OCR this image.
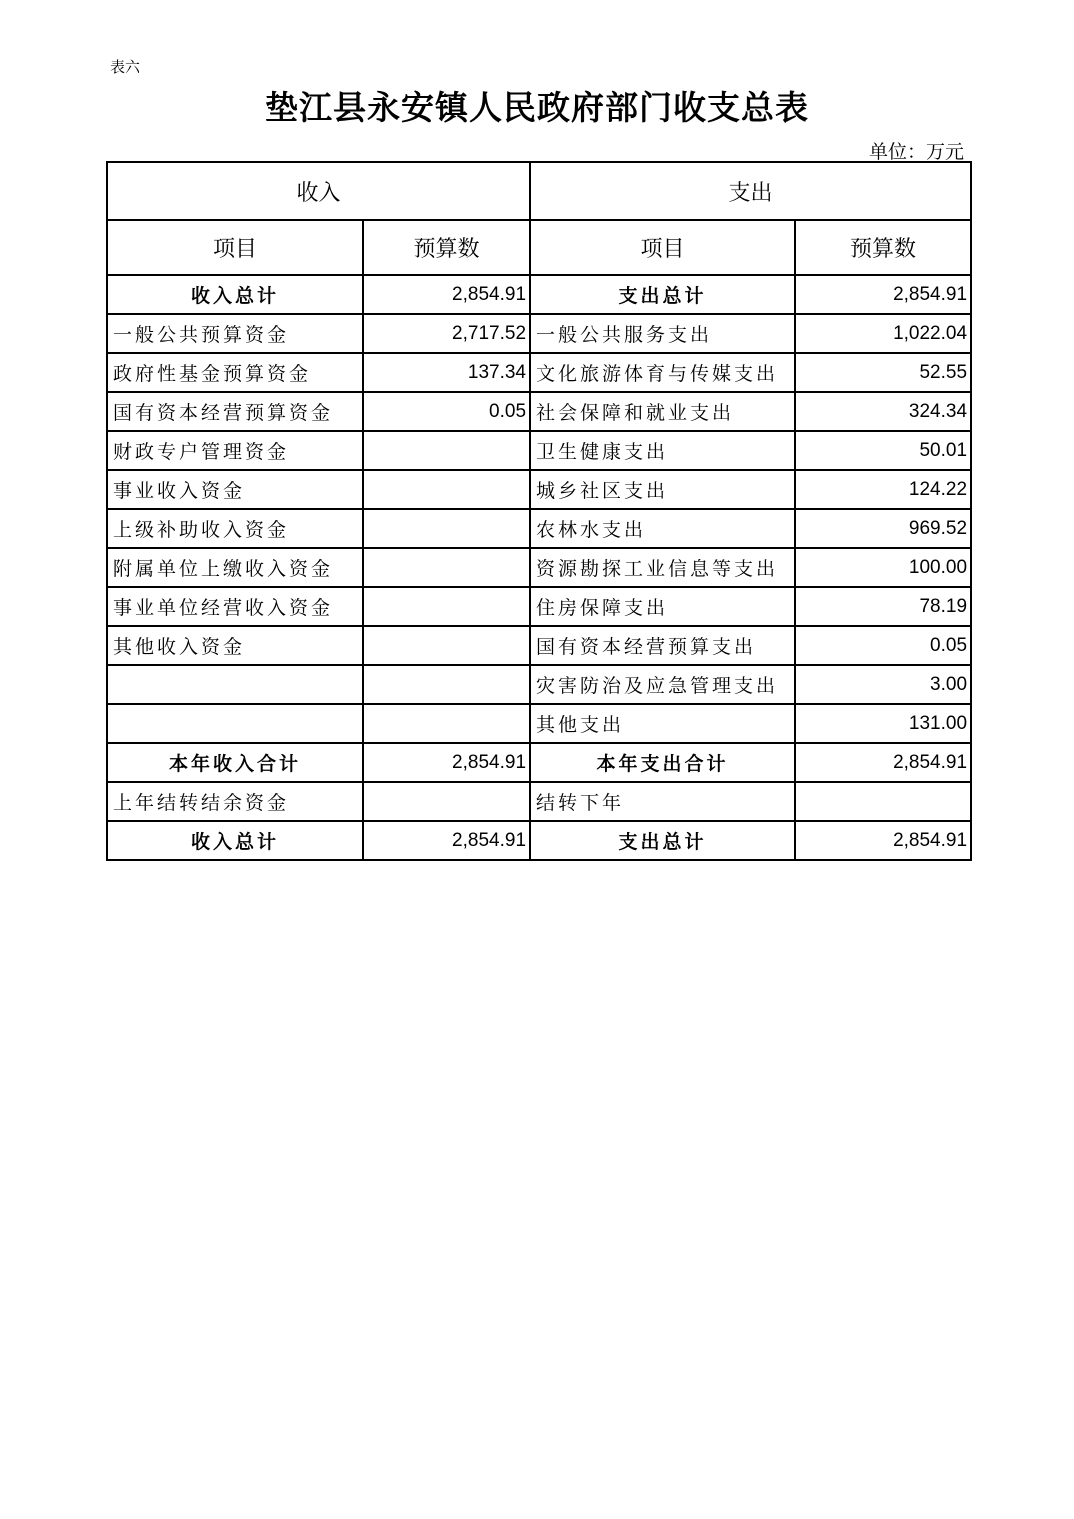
表六
垫江县永安镇人民政府部门收支总表
单位：万元
收入		支出	
项目	预算数	项目	预算数
收入总计	2,854.91	支出总计	2,854.91
一般公共预算资金	2,717.52	一般公共服务支出	1,022.04
政府性基金预算资金	137.34	文化旅游体育与传媒支出	52.55
国有资本经营预算资金	0.05	社会保障和就业支出	324.34
财政专户管理资金		卫生健康支出	50.01
事业收入资金		城乡社区支出	124.22
上级补助收入资金		农林水支出	969.52
附属单位上缴收入资金		资源勘探工业信息等支出	100.00
事业单位经营收入资金		住房保障支出	78.19
其他收入资金		国有资本经营预算支出	0.05
		灾害防治及应急管理支出	3.00
		其他支出	131.00
本年收入合计	2,854.91	本年支出合计	2,854.91
上年结转结余资金		结转下年	
收入总计	2,854.91	支出总计	2,854.91
